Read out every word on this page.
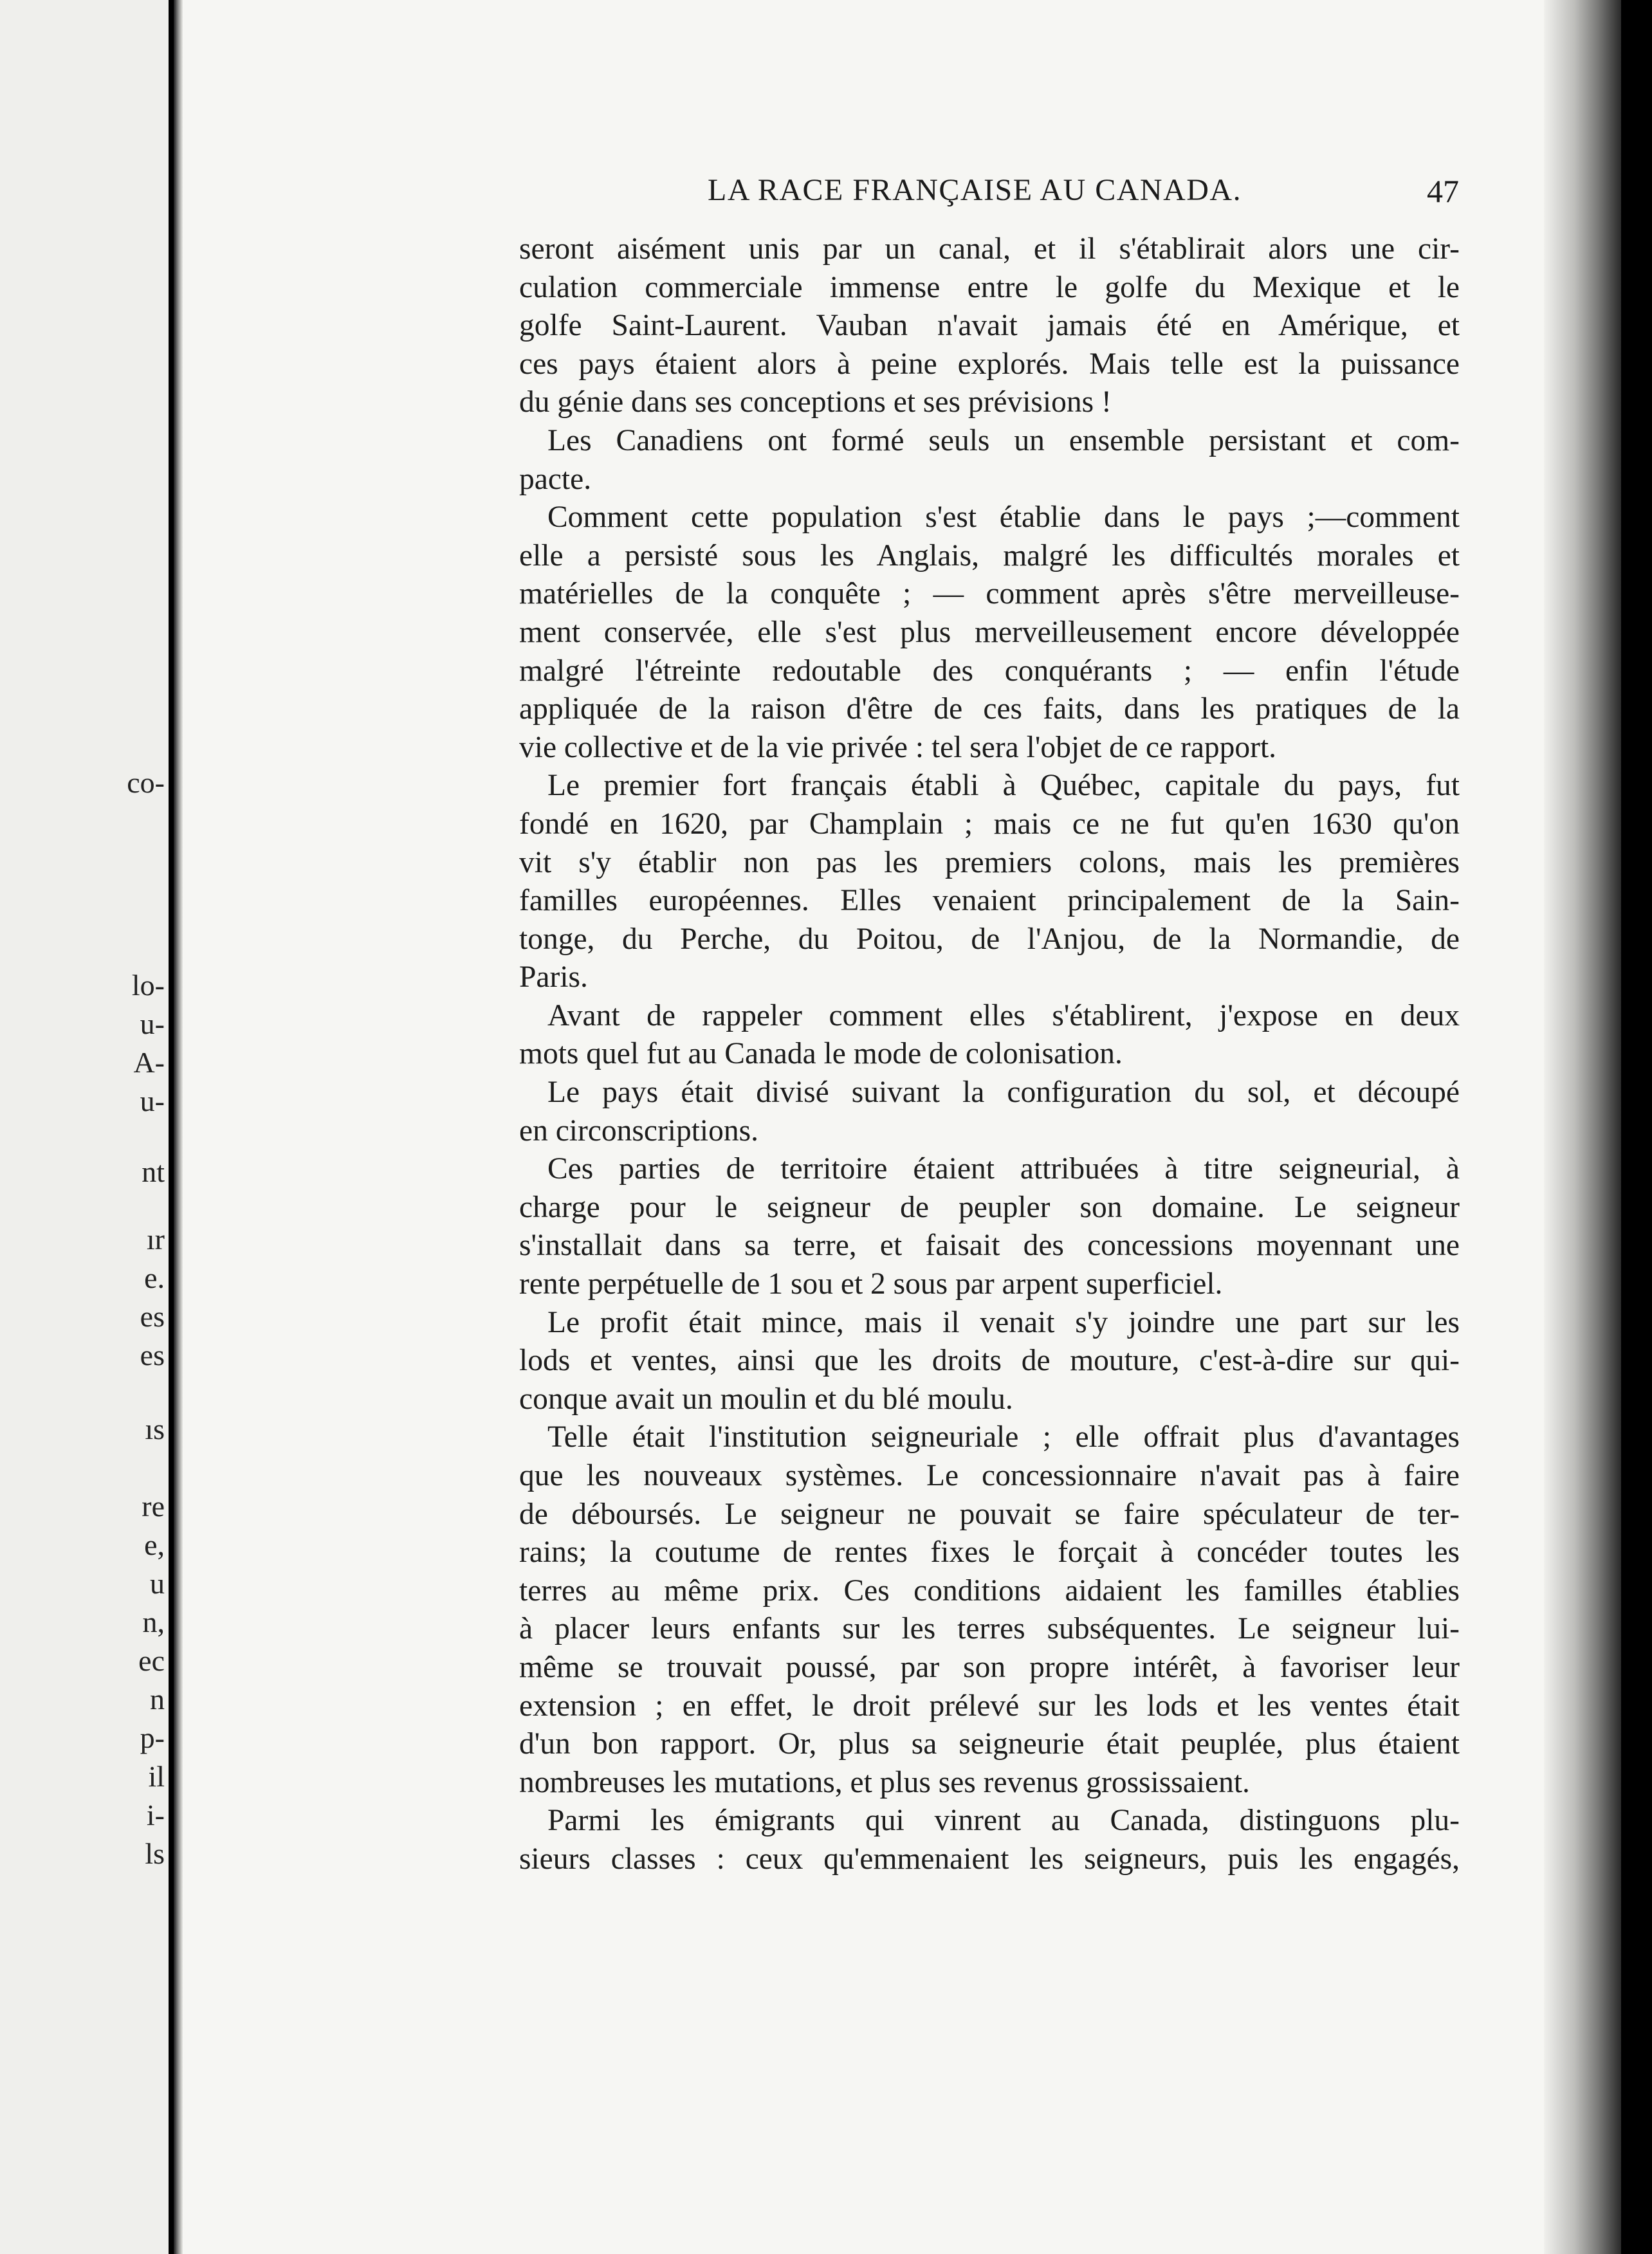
co-
lo-
u-
A-
u-
nt
ır
e.
es
es
ıs
re
e,
u
n,
ec
n
p-
il
i-
ls
LA RACE FRANÇAISE AU CANADA.	47
seront aisément unis par un canal, et il s'établirait alors une cir-
culation commerciale immense entre le golfe du Mexique et le
golfe Saint-Laurent. Vauban n'avait jamais été en Amérique, et
ces pays étaient alors à peine explorés. Mais telle est la puissance
du génie dans ses conceptions et ses prévisions !
Les Canadiens ont formé seuls un ensemble persistant et com-
pacte.
Comment cette population s'est établie dans le pays ;—comment
elle a persisté sous les Anglais, malgré les difficultés morales et
matérielles de la conquête ; — comment après s'être merveilleuse-
ment conservée, elle s'est plus merveilleusement encore développée
malgré l'étreinte redoutable des conquérants ; — enfin l'étude
appliquée de la raison d'être de ces faits, dans les pratiques de la
vie collective et de la vie privée : tel sera l'objet de ce rapport.
Le premier fort français établi à Québec, capitale du pays, fut
fondé en 1620, par Champlain ; mais ce ne fut qu'en 1630 qu'on
vit s'y établir non pas les premiers colons, mais les premières
familles européennes. Elles venaient principalement de la Sain-
tonge, du Perche, du Poitou, de l'Anjou, de la Normandie, de
Paris.
Avant de rappeler comment elles s'établirent, j'expose en deux
mots quel fut au Canada le mode de colonisation.
Le pays était divisé suivant la configuration du sol, et découpé
en circonscriptions.
Ces parties de territoire étaient attribuées à titre seigneurial, à
charge pour le seigneur de peupler son domaine. Le seigneur
s'installait dans sa terre, et faisait des concessions moyennant une
rente perpétuelle de 1 sou et 2 sous par arpent superficiel.
Le profit était mince, mais il venait s'y joindre une part sur les
lods et ventes, ainsi que les droits de mouture, c'est-à-dire sur qui-
conque avait un moulin et du blé moulu.
Telle était l'institution seigneuriale ; elle offrait plus d'avantages
que les nouveaux systèmes. Le concessionnaire n'avait pas à faire
de déboursés. Le seigneur ne pouvait se faire spéculateur de ter-
rains; la coutume de rentes fixes le forçait à concéder toutes les
terres au même prix. Ces conditions aidaient les familles établies
à placer leurs enfants sur les terres subséquentes. Le seigneur lui-
même se trouvait poussé, par son propre intérêt, à favoriser leur
extension ; en effet, le droit prélevé sur les lods et les ventes était
d'un bon rapport. Or, plus sa seigneurie était peuplée, plus étaient
nombreuses les mutations, et plus ses revenus grossissaient.
Parmi les émigrants qui vinrent au Canada, distinguons plu-
sieurs classes : ceux qu'emmenaient les seigneurs, puis les engagés,
